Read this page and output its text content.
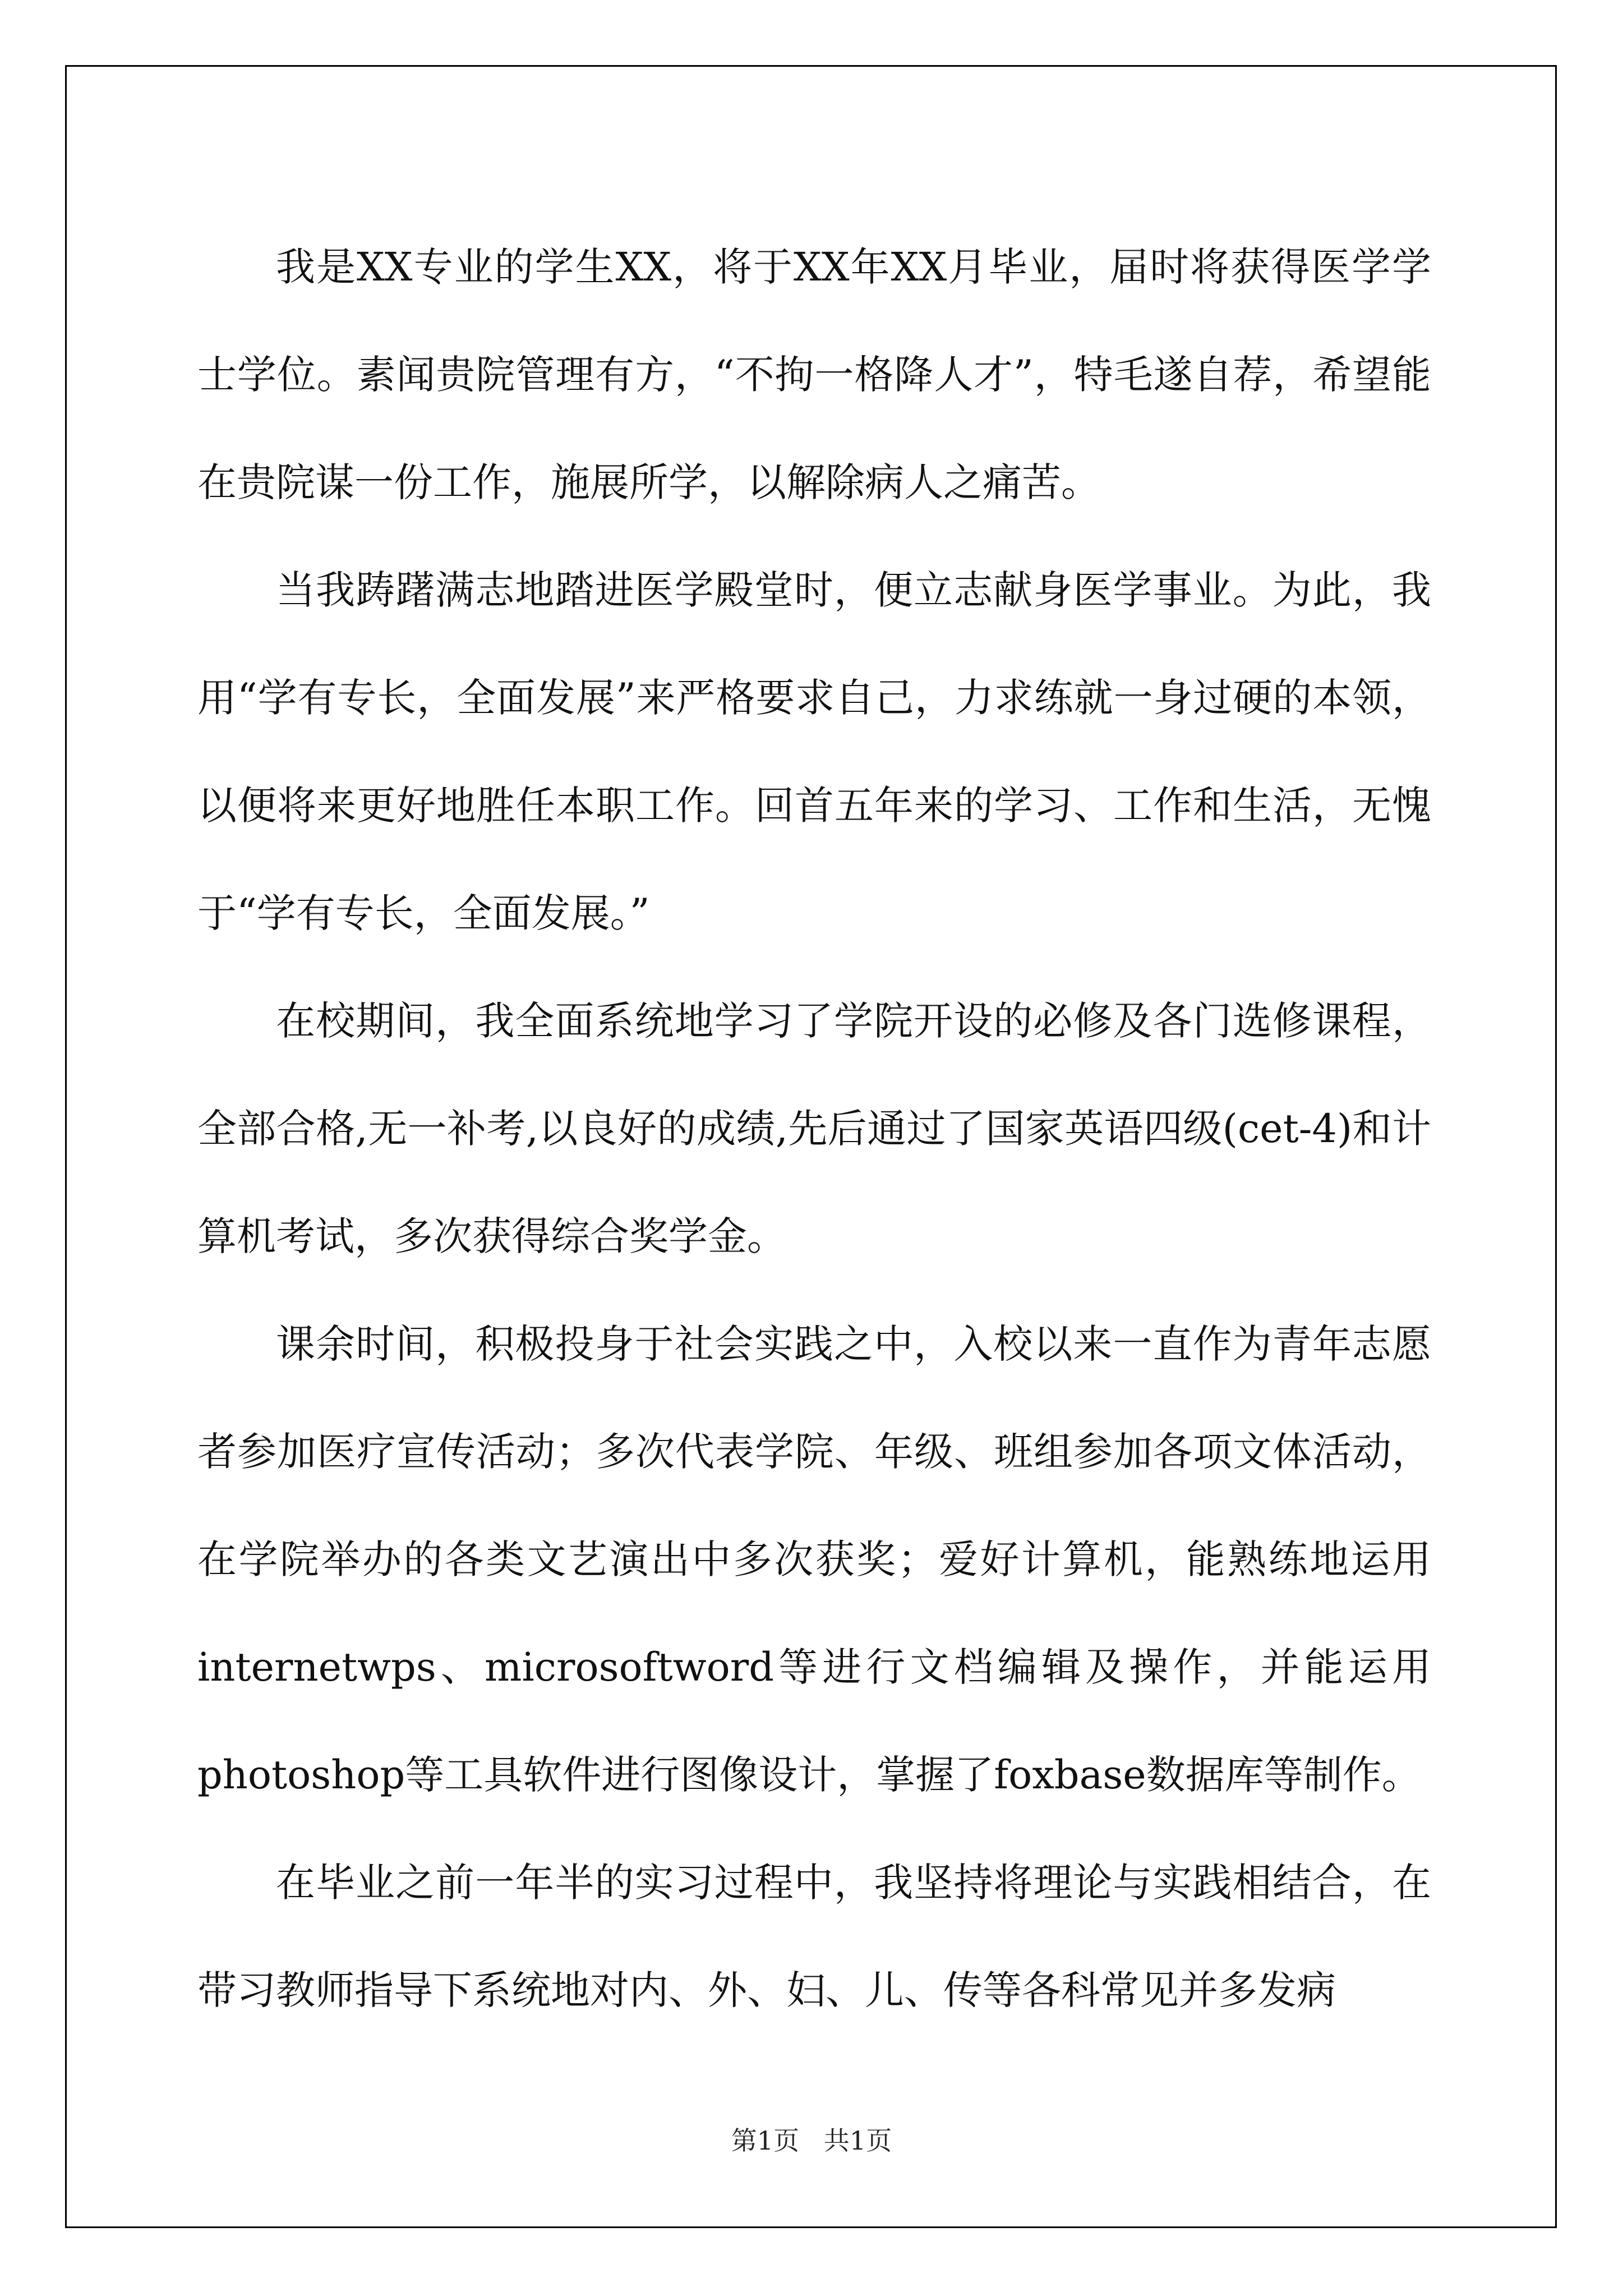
我是XX专业的学生XX，将于XX年XX月毕业，届时将获得医学学士学位。素闻贵院管理有方，“不拘一格降人才”，特毛遂自荐，希望能在贵院谋一份工作，施展所学，以解除病人之痛苦。

当我踌躇满志地踏进医学殿堂时，便立志献身医学事业。为此，我用“学有专长，全面发展”来严格要求自己，力求练就一身过硬的本领，以便将来更好地胜任本职工作。回首五年来的学习、工作和生活，无愧于“学有专长，全面发展。”

在校期间，我全面系统地学习了学院开设的必修及各门选修课程，全部合格,无一补考,以良好的成绩,先后通过了国家英语四级(cet-4)和计算机考试，多次获得综合奖学金。

课余时间，积极投身于社会实践之中，入校以来一直作为青年志愿者参加医疗宣传活动；多次代表学院、年级、班组参加各项文体活动，在学院举办的各类文艺演出中多次获奖；爱好计算机，能熟练地运用internetwps、microsoftword等进行文档编辑及操作，并能运用photoshop等工具软件进行图像设计，掌握了foxbase数据库等制作。

在毕业之前一年半的实习过程中，我坚持将理论与实践相结合，在带习教师指导下系统地对内、外、妇、儿、传等各科常见并多发病

第1页   共1页
